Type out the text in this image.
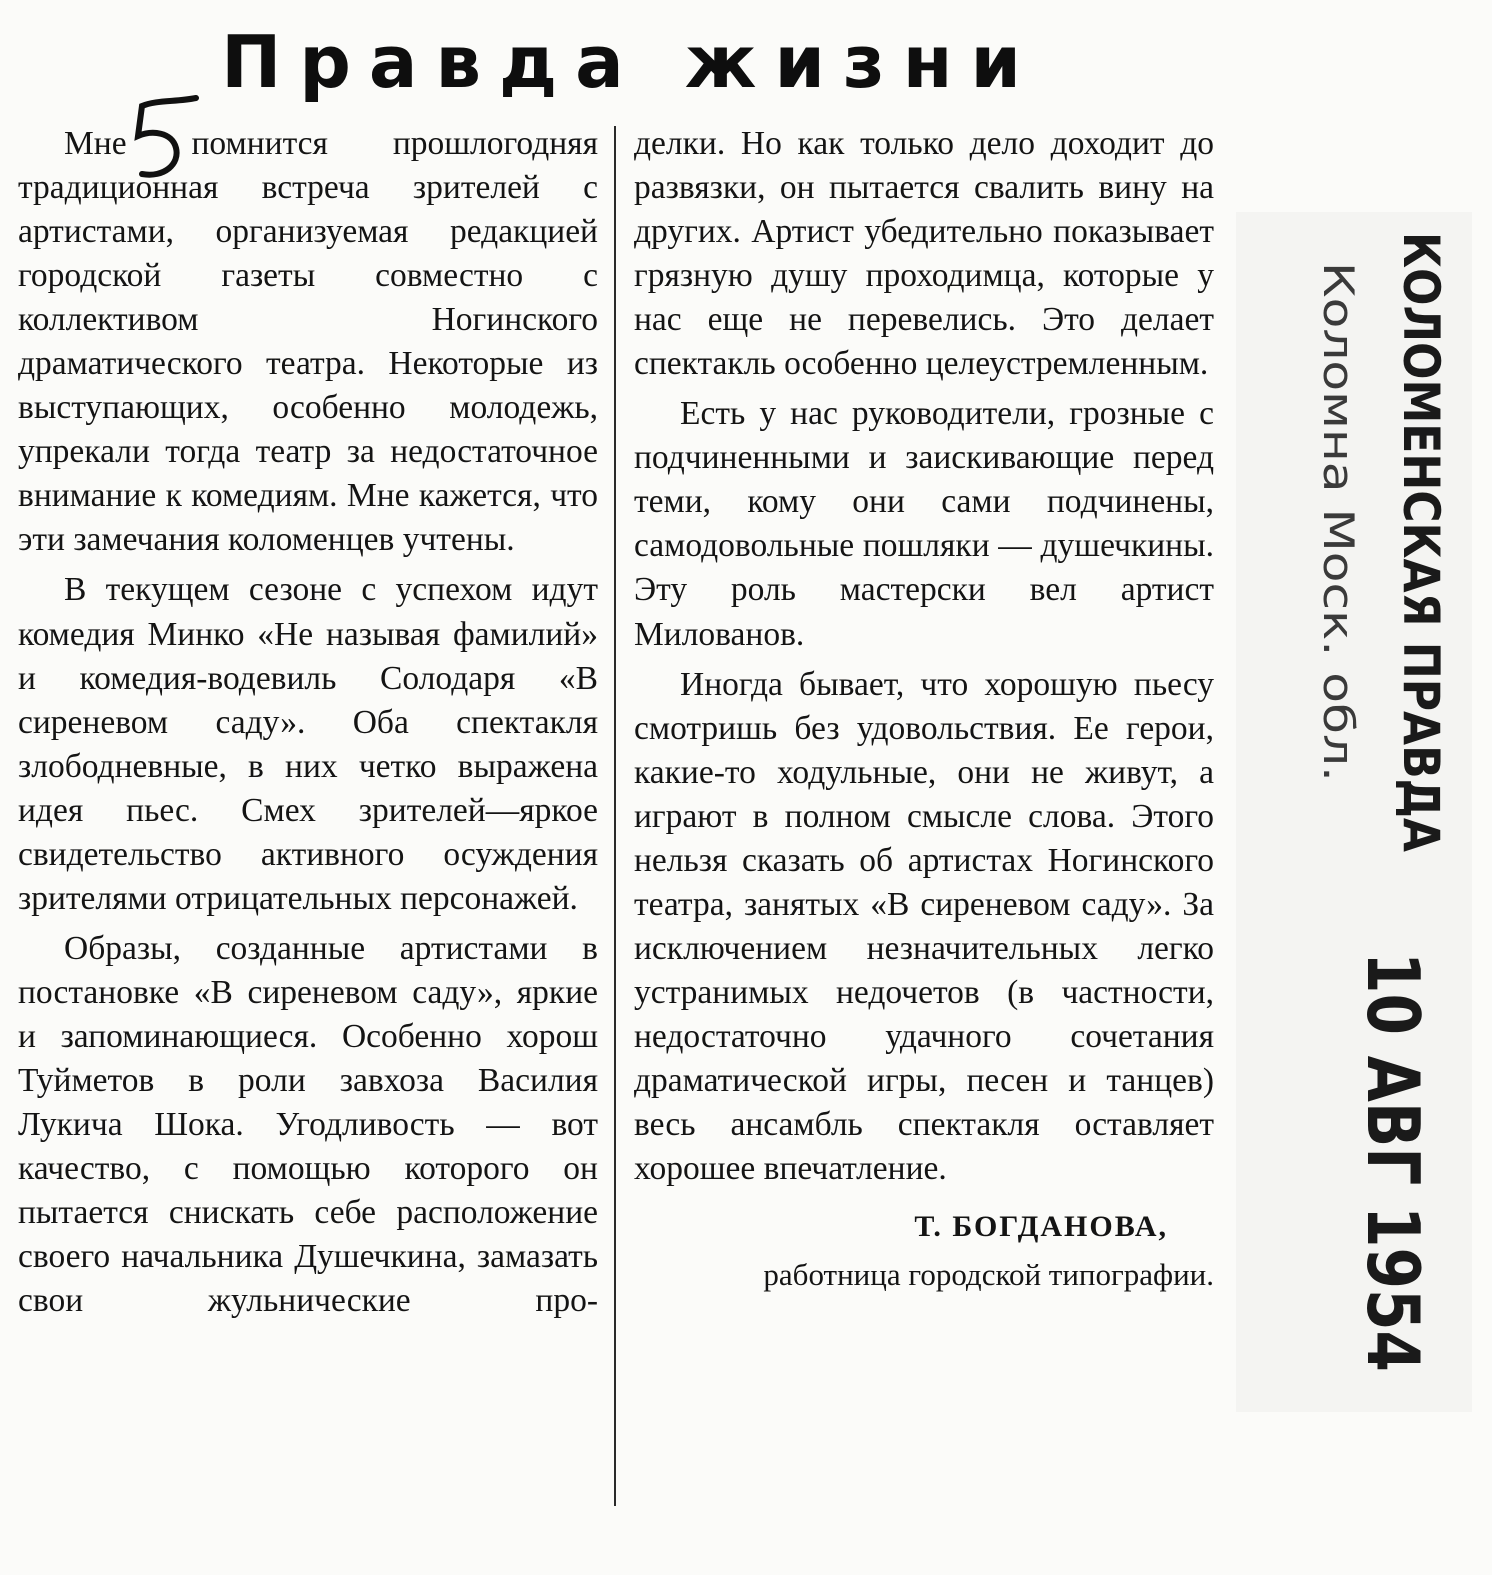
Правда жизни

Мне помнится прошлогодняя традиционная встреча зрителей с артистами, организуемая редакцией городской газеты совместно с коллективом Ногинского драматического театра. Некоторые из выступающих, особенно молодежь, упрекали тогда театр за недостаточное внимание к комедиям. Мне кажется, что эти замечания коломенцев учтены.

В текущем сезоне с успехом идут комедия Минко «Не называя фамилий» и комедия-водевиль Солодаря «В сиреневом саду». Оба спектакля злободневные, в них четко выражена идея пьес. Смех зрителей—яркое свидетельство активного осуждения зрителями отрицательных персонажей.

Образы, созданные артистами в постановке «В сиреневом саду», яркие и запоминающиеся. Особенно хорош Туйметов в роли завхоза Василия Лукича Шока. Угодливость — вот качество, с помощью которого он пытается снискать себе расположение своего начальника Душечкина, замазать свои жульнические про-

делки. Но как только дело доходит до развязки, он пытается свалить вину на других. Артист убедительно показывает грязную душу проходимца, которые у нас еще не перевелись. Это делает спектакль особенно целеустремленным.

Есть у нас руководители, грозные с подчиненными и заискивающие перед теми, кому они сами подчинены, самодовольные пошляки — душечкины. Эту роль мастерски вел артист Милованов.

Иногда бывает, что хорошую пьесу смотришь без удовольствия. Ее герои, какие-то ходульные, они не живут, а играют в полном смысле слова. Этого нельзя сказать об артистах Ногинского театра, занятых «В сиреневом саду». За исключением незначительных легко устранимых недочетов (в частности, недостаточно удачного сочетания драматической игры, песен и танцев) весь ансамбль спектакля оставляет хорошее впечатление.

Т. БОГДАНОВА,
работница городской типографии.
КОЛОМЕНСКАЯ ПРАВДА
Коломна Моск. обл.
10 АВГ 1954
